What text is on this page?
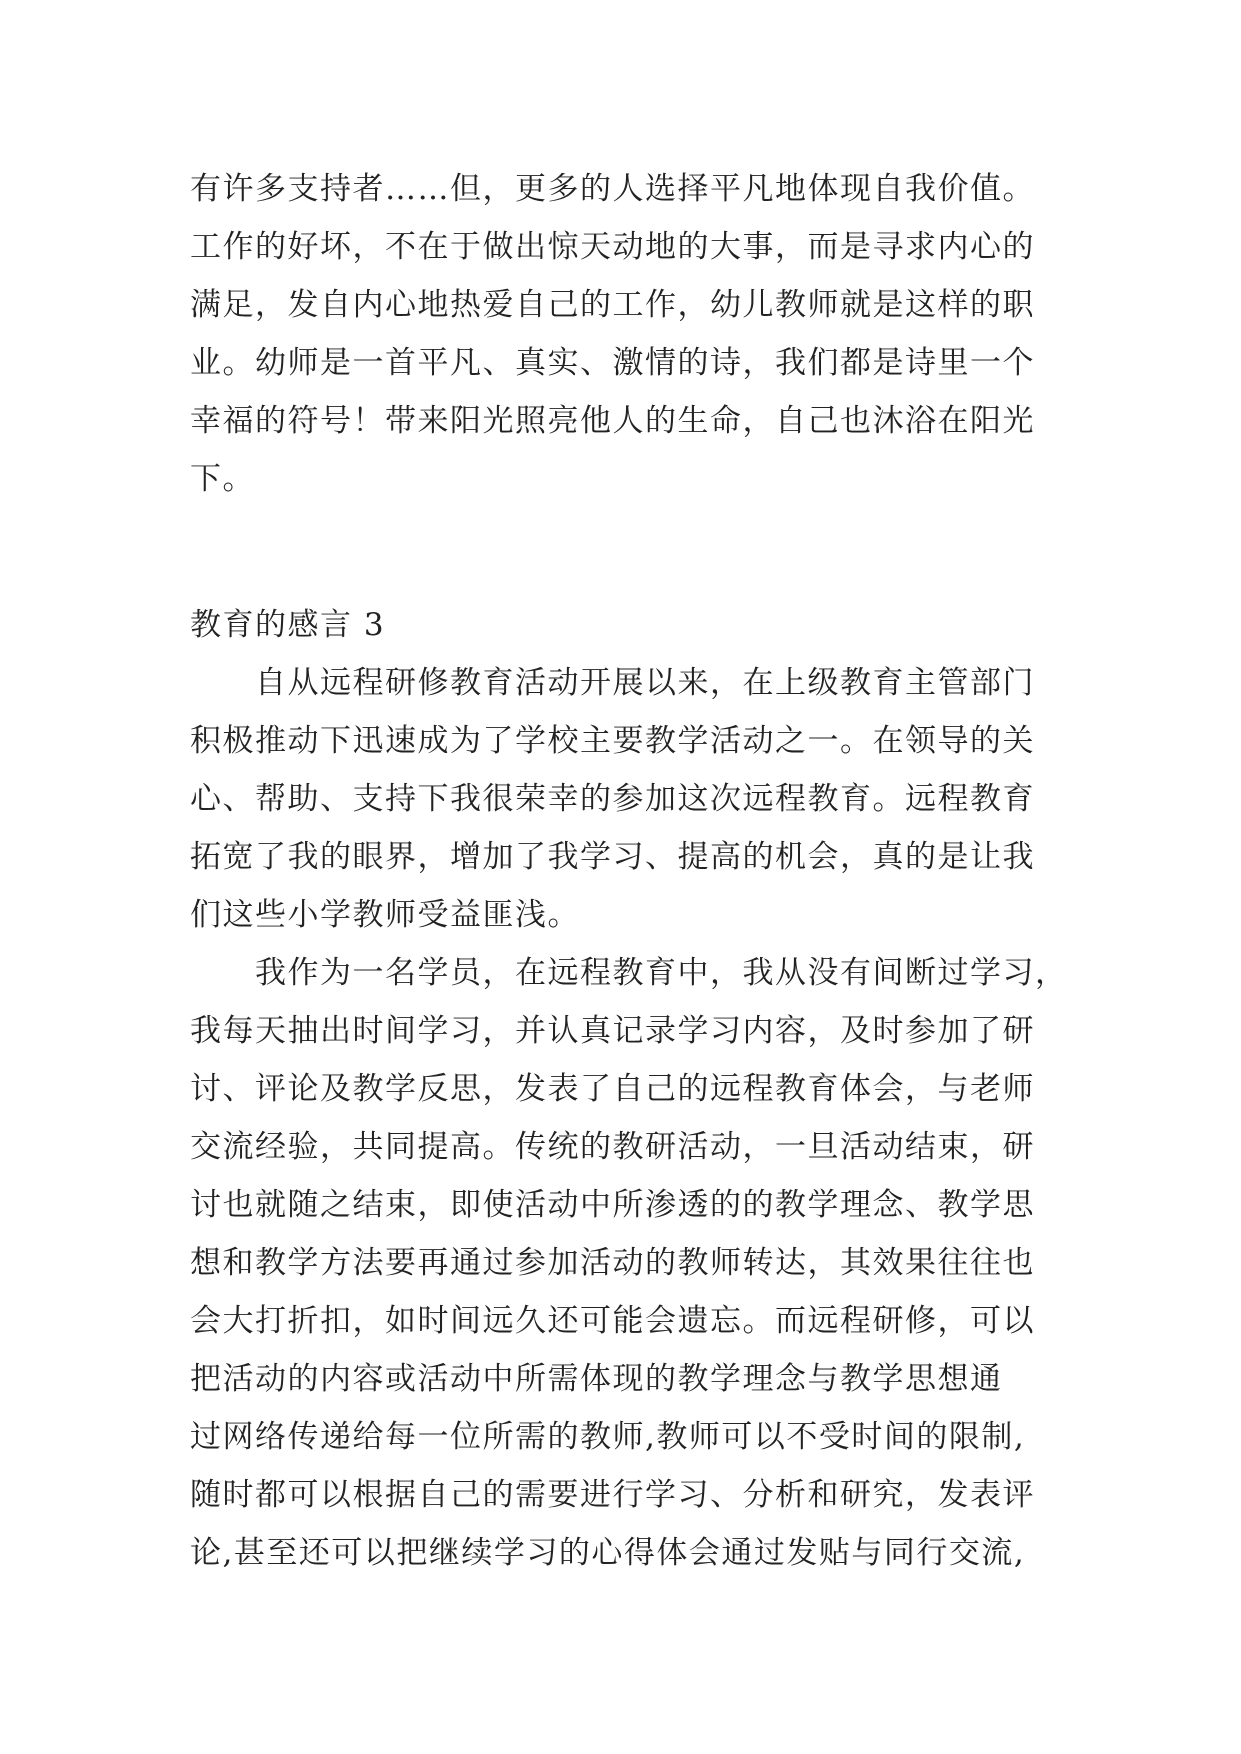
有许多支持者……但，更多的人选择平凡地体现自我价值。
工作的好坏，不在于做出惊天动地的大事，而是寻求内心的
满足，发自内心地热爱自己的工作，幼儿教师就是这样的职
业。幼师是一首平凡、真实、激情的诗，我们都是诗里一个
幸福的符号！带来阳光照亮他人的生命，自己也沐浴在阳光
下。
教育的感言 3
　　自从远程研修教育活动开展以来，在上级教育主管部门
积极推动下迅速成为了学校主要教学活动之一。在领导的关
心、帮助、支持下我很荣幸的参加这次远程教育。远程教育
拓宽了我的眼界，增加了我学习、提高的机会，真的是让我
们这些小学教师受益匪浅。
　　我作为一名学员，在远程教育中，我从没有间断过学习，
我每天抽出时间学习，并认真记录学习内容，及时参加了研
讨、评论及教学反思，发表了自己的远程教育体会，与老师
交流经验，共同提高。传统的教研活动，一旦活动结束，研
讨也就随之结束，即使活动中所渗透的的教学理念、教学思
想和教学方法要再通过参加活动的教师转达，其效果往往也
会大打折扣，如时间远久还可能会遗忘。而远程研修，可以
把活动的内容或活动中所需体现的教学理念与教学思想通
过网络传递给每一位所需的教师,教师可以不受时间的限制,
随时都可以根据自己的需要进行学习、分析和研究，发表评
论,甚至还可以把继续学习的心得体会通过发贴与同行交流,
